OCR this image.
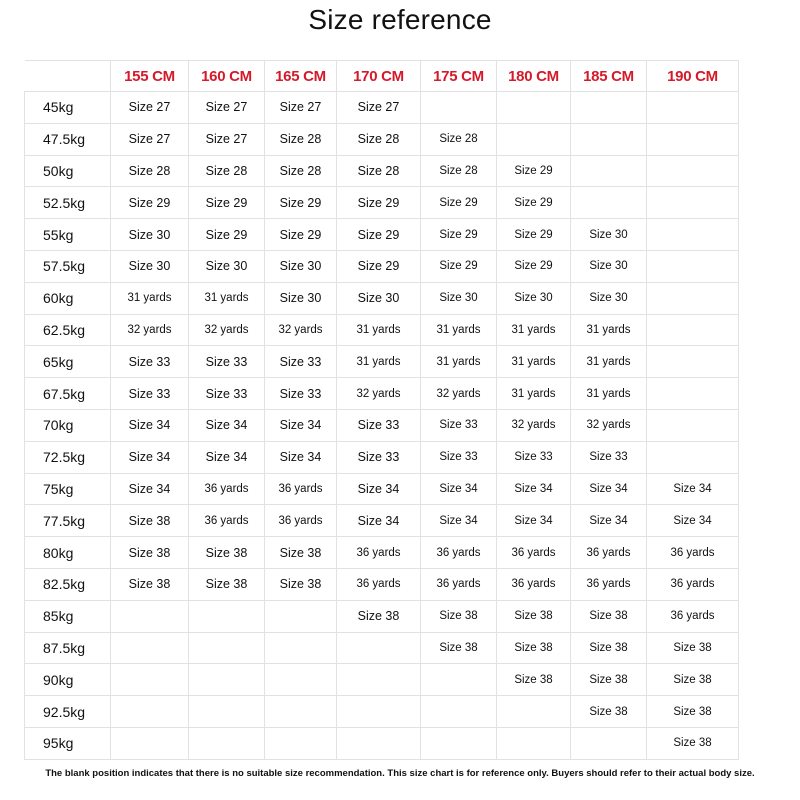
Size reference
	155 CM	160 CM	165 CM	170 CM	175 CM	180 CM	185 CM	190 CM
45kg	Size 27	Size 27	Size 27	Size 27				
47.5kg	Size 27	Size 27	Size 28	Size 28	Size 28			
50kg	Size 28	Size 28	Size 28	Size 28	Size 28	Size 29		
52.5kg	Size 29	Size 29	Size 29	Size 29	Size 29	Size 29		
55kg	Size 30	Size 29	Size 29	Size 29	Size 29	Size 29	Size 30	
57.5kg	Size 30	Size 30	Size 30	Size 29	Size 29	Size 29	Size 30	
60kg	31 yards	31 yards	Size 30	Size 30	Size 30	Size 30	Size 30	
62.5kg	32 yards	32 yards	32 yards	31 yards	31 yards	31 yards	31 yards	
65kg	Size 33	Size 33	Size 33	31 yards	31 yards	31 yards	31 yards	
67.5kg	Size 33	Size 33	Size 33	32 yards	32 yards	31 yards	31 yards	
70kg	Size 34	Size 34	Size 34	Size 33	Size 33	32 yards	32 yards	
72.5kg	Size 34	Size 34	Size 34	Size 33	Size 33	Size 33	Size 33	
75kg	Size 34	36 yards	36 yards	Size 34	Size 34	Size 34	Size 34	Size 34
77.5kg	Size 38	36 yards	36 yards	Size 34	Size 34	Size 34	Size 34	Size 34
80kg	Size 38	Size 38	Size 38	36 yards	36 yards	36 yards	36 yards	36 yards
82.5kg	Size 38	Size 38	Size 38	36 yards	36 yards	36 yards	36 yards	36 yards
85kg				Size 38	Size 38	Size 38	Size 38	36 yards
87.5kg					Size 38	Size 38	Size 38	Size 38
90kg						Size 38	Size 38	Size 38
92.5kg							Size 38	Size 38
95kg								Size 38
The blank position indicates that there is no suitable size recommendation. This size chart is for reference only. Buyers should refer to their actual body size.
